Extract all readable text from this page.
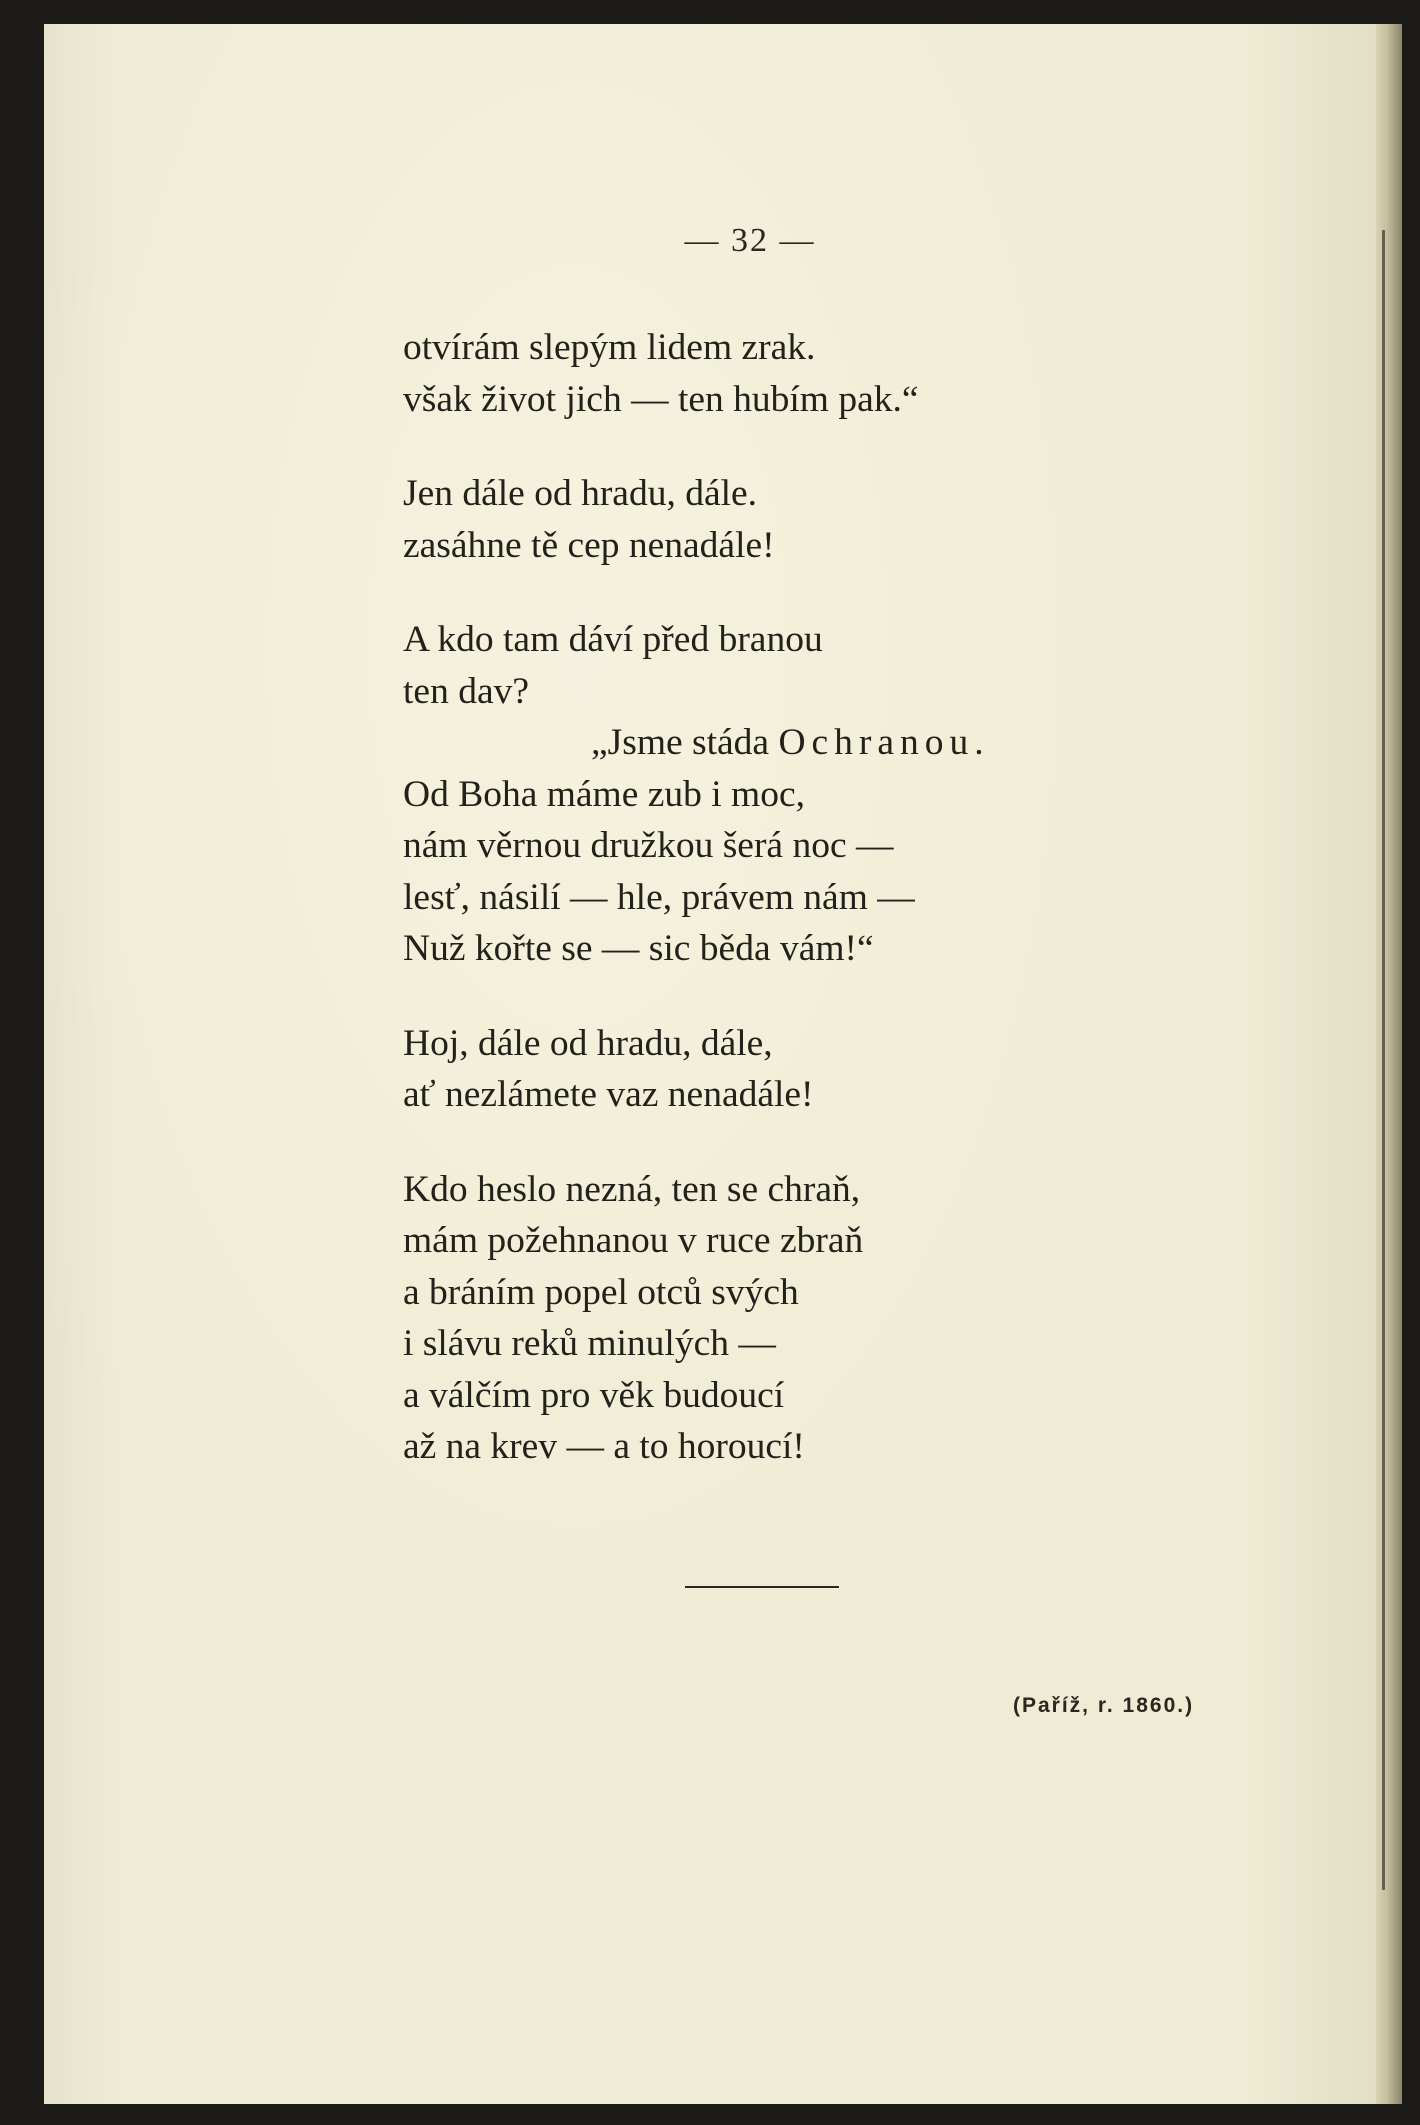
— 32 —
otvírám slepým lidem zrak.
však život jich — ten hubím pak.“
Jen dále od hradu, dále.
zasáhne tě cep nenadále!
A kdo tam dáví před branou
ten dav?
„Jsme stáda Ochranou.
Od Boha máme zub i moc,
nám věrnou družkou šerá noc —
lesť, násilí — hle, právem nám —
Nuž kořte se — sic běda vám!“
Hoj, dále od hradu, dále,
ať nezlámete vaz nenadále!
Kdo heslo nezná, ten se chraň,
mám požehnanou v ruce zbraň
a bráním popel otců svých
i slávu reků minulých —
a válčím pro věk budoucí
až na krev — a to horoucí!
(Paříž, r. 1860.)
